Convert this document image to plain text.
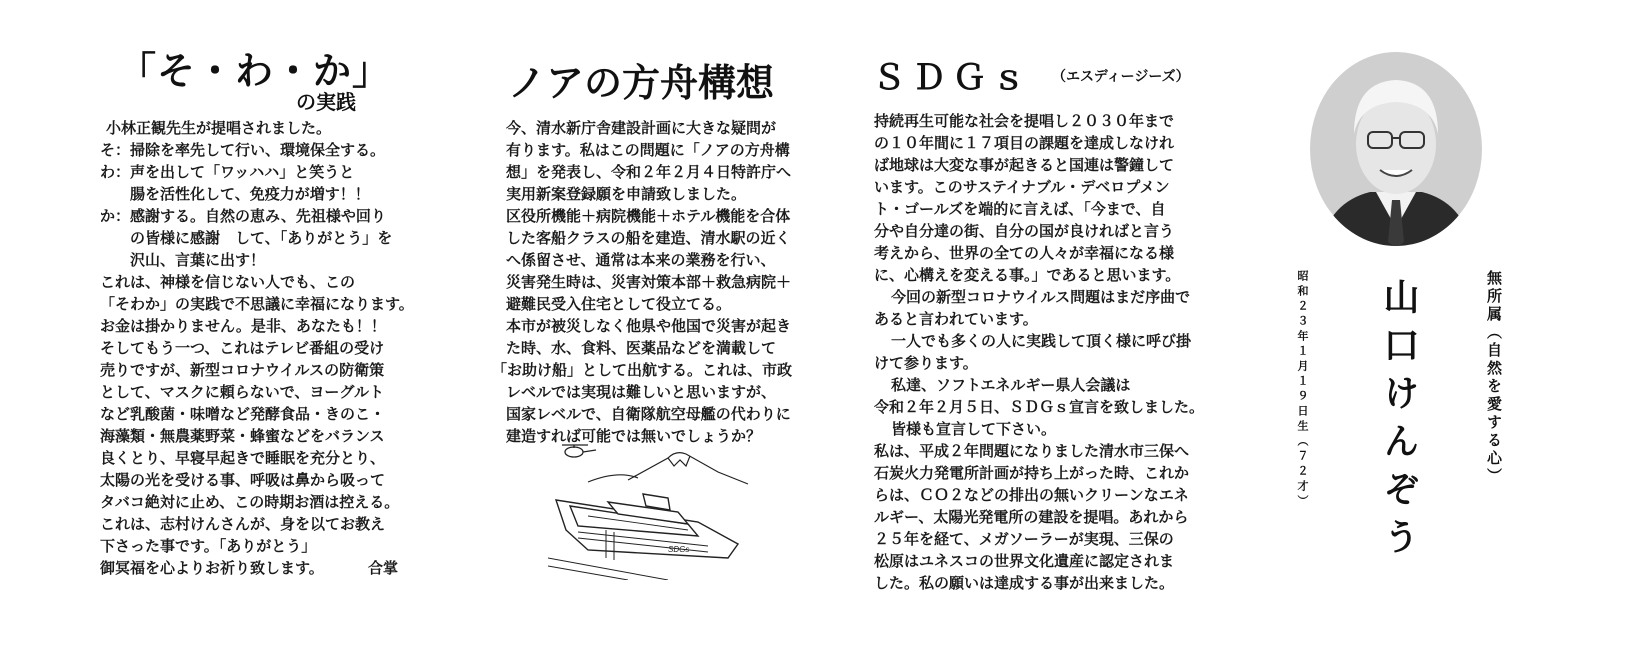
「そ・わ・か」
の実践
小林正観先生が提唱されました。
そ：掃除を率先して行い、環境保全する。
わ：声を出して「ワッハハ」と笑うと
腸を活性化して、免疫力が増す！！
か：感謝する。自然の恵み、先祖様や回り
の皆様に感謝　して、「ありがとう」を
沢山、言葉に出す！
これは、神様を信じない人でも、この
「そわか」の実践で不思議に幸福になります。
お金は掛かりません。是非、あなたも！！
そしてもう一つ、これはテレビ番組の受け
売りですが、新型コロナウイルスの防衛策
として、マスクに頼らないで、ヨーグルト
など乳酸菌・味噌など発酵食品・きのこ・
海藻類・無農薬野菜・蜂蜜などをバランス
良くとり、早寝早起きで睡眠を充分とり、
太陽の光を受ける事、呼吸は鼻から吸って
タバコ絶対に止め、この時期お酒は控える。
これは、志村けんさんが、身を以てお教え
下さった事です。「ありがとう」
御冥福を心よりお祈り致します。	合掌
ノアの方舟構想
今、清水新庁舎建設計画に大きな疑問が
有ります。私はこの問題に「ノアの方舟構
想」を発表し、令和２年２月４日特許庁へ
実用新案登録願を申請致しました。
区役所機能＋病院機能＋ホテル機能を合体
した客船クラスの船を建造、清水駅の近く
へ係留させ、通常は本来の業務を行い、
災害発生時は、災害対策本部＋救急病院＋
避難民受入住宅として役立てる。
本市が被災しなく他県や他国で災害が起き
た時、水、食料、医薬品などを満載して
「お助け船」として出航する。これは、市政
レベルでは実現は難しいと思いますが、
国家レベルで、自衛隊航空母艦の代わりに
建造すれば可能では無いでしょうか？
SDGs
ＳＤＧｓ （エスディージーズ）
持続再生可能な社会を提唱し２０３０年まで
の１０年間に１７項目の課題を達成しなけれ
ば地球は大変な事が起きると国連は警鐘して
います。このサステイナブル・デベロプメン
ト・ゴールズを端的に言えば、「今まで、自
分や自分達の街、自分の国が良ければと言う
考えから、世界の全ての人々が幸福になる様
に、心構えを変える事。」であると思います。
今回の新型コロナウイルス問題はまだ序曲で
あると言われています。
一人でも多くの人に実践して頂く様に呼び掛
けて参ります。
私達、ソフトエネルギー県人会議は
令和２年２月５日、ＳＤＧｓ宣言を致しました。
皆様も宣言して下さい。
私は、平成２年問題になりました清水市三保へ
石炭火力発電所計画が持ち上がった時、これか
らは、ＣＯ２などの排出の無いクリーンなエネ
ルギー、太陽光発電所の建設を提唱。あれから
２５年を経て、メガソーラーが実現、三保の
松原はユネスコの世界文化遺産に認定されま
した。私の願いは達成する事が出来ました。
無所属（自然を愛する心）
山口けんぞう
昭和２３年１月１９日生（７２才）
